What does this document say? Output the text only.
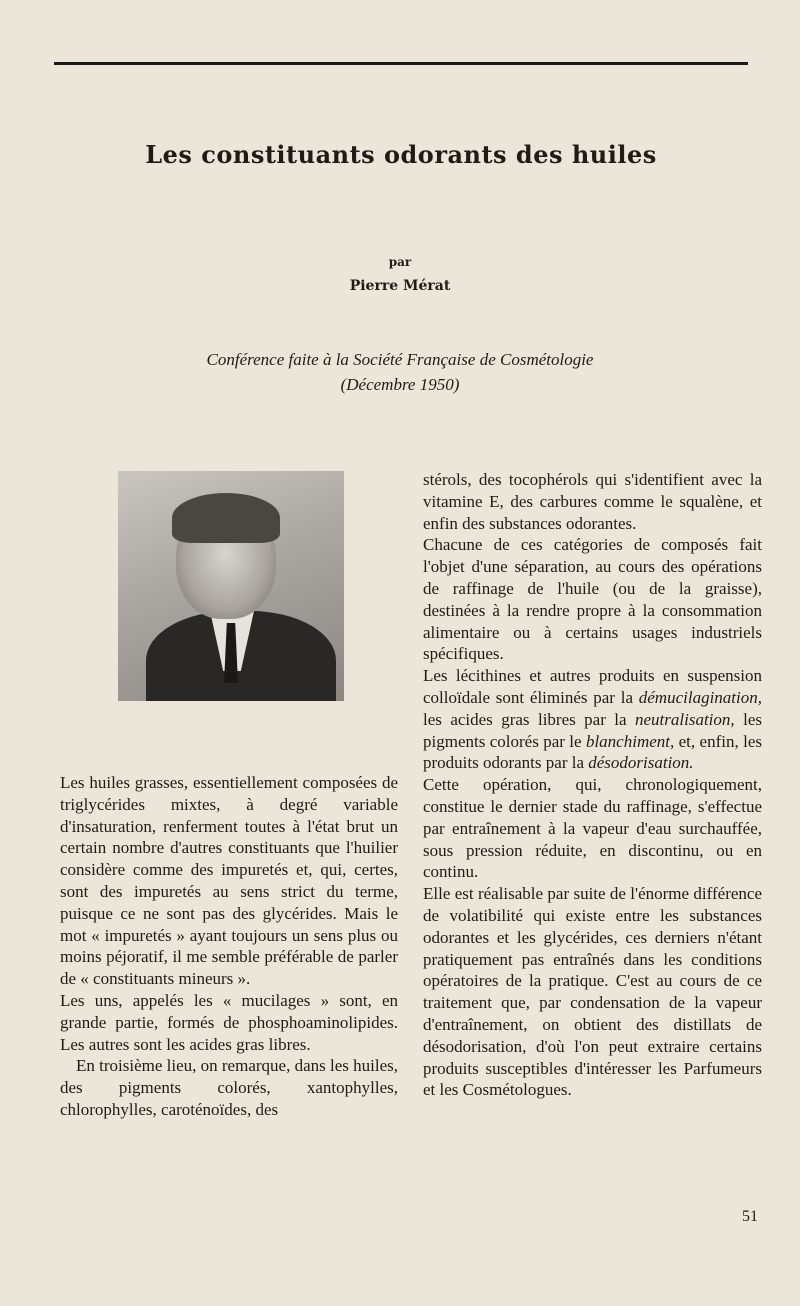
Les constituants odorants des huiles
par
Pierre Mérat
Conférence faite à la Société Française de Cosmétologie
(Décembre 1950)

Les huiles grasses, essentiellement composées de triglycérides mixtes, à degré variable d'insaturation, renferment toutes à l'état brut un certain nombre d'autres constituants que l'huilier considère comme des impuretés et, qui, certes, sont des impuretés au sens strict du terme, puisque ce ne sont pas des glycérides. Mais le mot « impuretés » ayant toujours un sens plus ou moins péjoratif, il me semble préférable de parler de « constituants mineurs ».

Les uns, appelés les « mucilages » sont, en grande partie, formés de phosphoaminolipides. Les autres sont les acides gras libres.

En troisième lieu, on remarque, dans les huiles, des pigments colorés, xantophylles, chlorophylles, caroténoïdes, des

stérols, des tocophérols qui s'identifient avec la vitamine E, des carbures comme le squalène, et enfin des substances odorantes.

Chacune de ces catégories de composés fait l'objet d'une séparation, au cours des opérations de raffinage de l'huile (ou de la graisse), destinées à la rendre propre à la consommation alimentaire ou à certains usages industriels spécifiques.

Les lécithines et autres produits en suspension colloïdale sont éliminés par la démucilagination, les acides gras libres par la neutralisation, les pigments colorés par le blanchiment, et, enfin, les produits odorants par la désodorisation.

Cette opération, qui, chronologiquement, constitue le dernier stade du raffinage, s'effectue par entraînement à la vapeur d'eau surchauffée, sous pression réduite, en discontinu, ou en continu.

Elle est réalisable par suite de l'énorme différence de volatibilité qui existe entre les substances odorantes et les glycérides, ces derniers n'étant pratiquement pas entraînés dans les conditions opératoires de la pratique. C'est au cours de ce traitement que, par condensation de la vapeur d'entraînement, on obtient des distillats de désodorisation, d'où l'on peut extraire certains produits susceptibles d'intéresser les Parfumeurs et les Cosmétologues.

51
